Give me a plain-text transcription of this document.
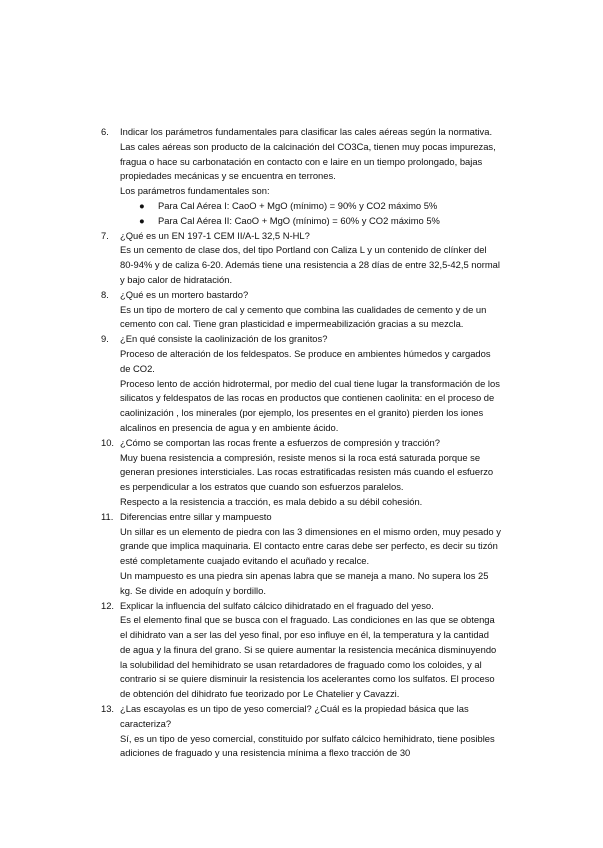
6.	Indicar los parámetros fundamentales para clasificar las cales aéreas según la normativa.
Las cales aéreas son producto de la calcinación del CO3Ca, tienen muy pocas impurezas, fragua o hace su carbonatación en contacto con e laire en un tiempo prolongado, bajas propiedades mecánicas y se encuentra en terrones.
Los parámetros fundamentales son:
● Para Cal Aérea I: CaoO + MgO (mínimo) = 90% y CO2 máximo 5%
● Para Cal Aérea II: CaoO + MgO (mínimo) = 60% y CO2 máximo 5%
7.	¿Qué es un EN 197-1 CEM II/A-L 32,5 N-HL?
Es un cemento de clase dos, del tipo Portland con Caliza L y un contenido de clínker del 80-94% y de caliza 6-20. Además tiene una resistencia a 28 días de entre 32,5-42,5 normal y bajo calor de hidratación.
8.	¿Qué es un mortero bastardo?
Es un tipo de mortero de cal y cemento que combina las cualidades de cemento y de un cemento con cal. Tiene gran plasticidad e impermeabilización gracias a su mezcla.
9.	¿En qué consiste la caolinización de los granitos?
Proceso de alteración de los feldespatos. Se produce en ambientes húmedos y cargados de CO2.
Proceso lento de acción hidrotermal, por medio del cual tiene lugar la transformación de los silicatos y feldespatos de las rocas en productos que contienen caolinita: en el proceso de caolinización , los minerales (por ejemplo, los presentes en el granito) pierden los iones alcalinos en presencia de agua y en ambiente ácido.
10. ¿Cómo se comportan las rocas frente a esfuerzos de compresión y tracción?
Muy buena resistencia a compresión, resiste menos si la roca está saturada porque se generan presiones intersticiales. Las rocas estratificadas resisten más cuando el esfuerzo es perpendicular a los estratos que cuando son esfuerzos paralelos.
Respecto a la resistencia a tracción, es mala debido a su débil cohesión.
11. Diferencias entre sillar y mampuesto
Un sillar es un elemento de piedra con las 3 dimensiones en el mismo orden, muy pesado y grande que implica maquinaria. El contacto entre caras debe ser perfecto, es decir su tizón esté completamente cuajado evitando el acuñado y recalce.
Un mampuesto es una piedra sin apenas labra que se maneja a mano. No supera los 25 kg. Se divide en adoquín y bordillo.
12. Explicar la influencia del sulfato cálcico dihidratado en el fraguado del yeso.
Es el elemento final que se busca con el fraguado. Las condiciones en las que se obtenga el dihidrato van a ser las del yeso final, por eso influye en él, la temperatura y la cantidad de agua y la finura del grano. Si se quiere aumentar la resistencia mecánica disminuyendo la solubilidad del hemihidrato se usan retardadores de fraguado como los coloides, y al contrario si se quiere disminuir la resistencia los acelerantes como los sulfatos. El proceso de obtención del dihidrato fue teorizado por Le Chatelier y Cavazzi.
13. ¿Las escayolas es un tipo de yeso comercial? ¿Cuál es la propiedad básica que las caracteriza?
Sí, es un tipo de yeso comercial, constituido por sulfato cálcico hemihidrato, tiene posibles adiciones de fraguado y una resistencia mínima a flexo tracción de 30
